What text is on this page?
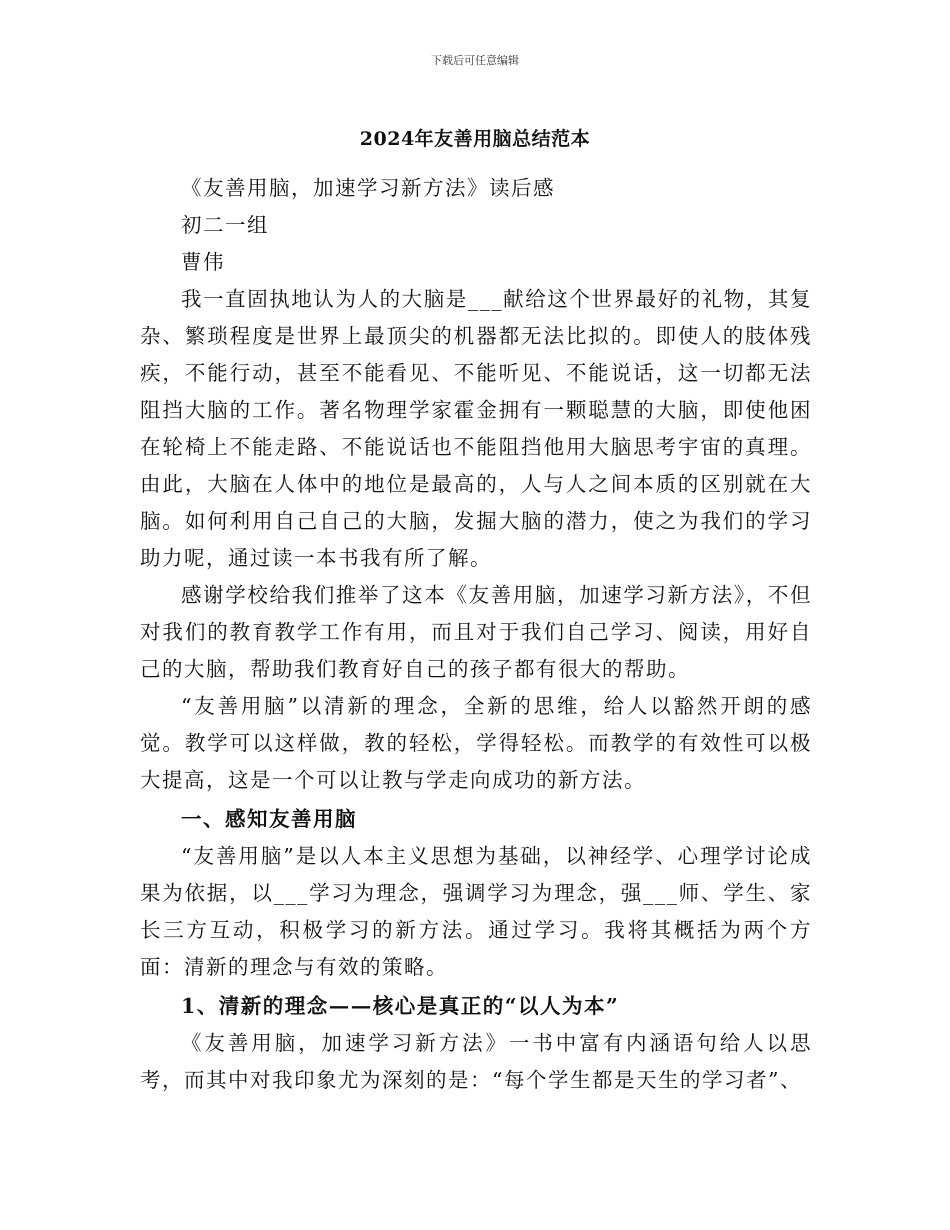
下载后可任意编辑
2024年友善用脑总结范本

《友善用脑，加速学习新方法》读后感

初二一组

曹伟

我一直固执地认为人的大脑是___献给这个世界最好的礼物，其复杂、繁琐程度是世界上最顶尖的机器都无法比拟的。即使人的肢体残疾，不能行动，甚至不能看见、不能听见、不能说话，这一切都无法阻挡大脑的工作。著名物理学家霍金拥有一颗聪慧的大脑，即使他困在轮椅上不能走路、不能说话也不能阻挡他用大脑思考宇宙的真理。由此，大脑在人体中的地位是最高的，人与人之间本质的区别就在大脑。如何利用自己自己的大脑，发掘大脑的潜力，使之为我们的学习助力呢，通过读一本书我有所了解。

感谢学校给我们推举了这本《友善用脑，加速学习新方法》，不但对我们的教育教学工作有用，而且对于我们自己学习、阅读，用好自己的大脑，帮助我们教育好自己的孩子都有很大的帮助。

“友善用脑”以清新的理念，全新的思维，给人以豁然开朗的感觉。教学可以这样做，教的轻松，学得轻松。而教学的有效性可以极大提高，这是一个可以让教与学走向成功的新方法。

一、感知友善用脑

“友善用脑”是以人本主义思想为基础，以神经学、心理学讨论成果为依据，以___学习为理念，强调学习为理念，强___师、学生、家长三方互动，积极学习的新方法。通过学习。我将其概括为两个方面：清新的理念与有效的策略。

1、清新的理念——核心是真正的“以人为本”

《友善用脑，加速学习新方法》一书中富有内涵语句给人以思考，而其中对我印象尤为深刻的是：“每个学生都是天生的学习者”、
